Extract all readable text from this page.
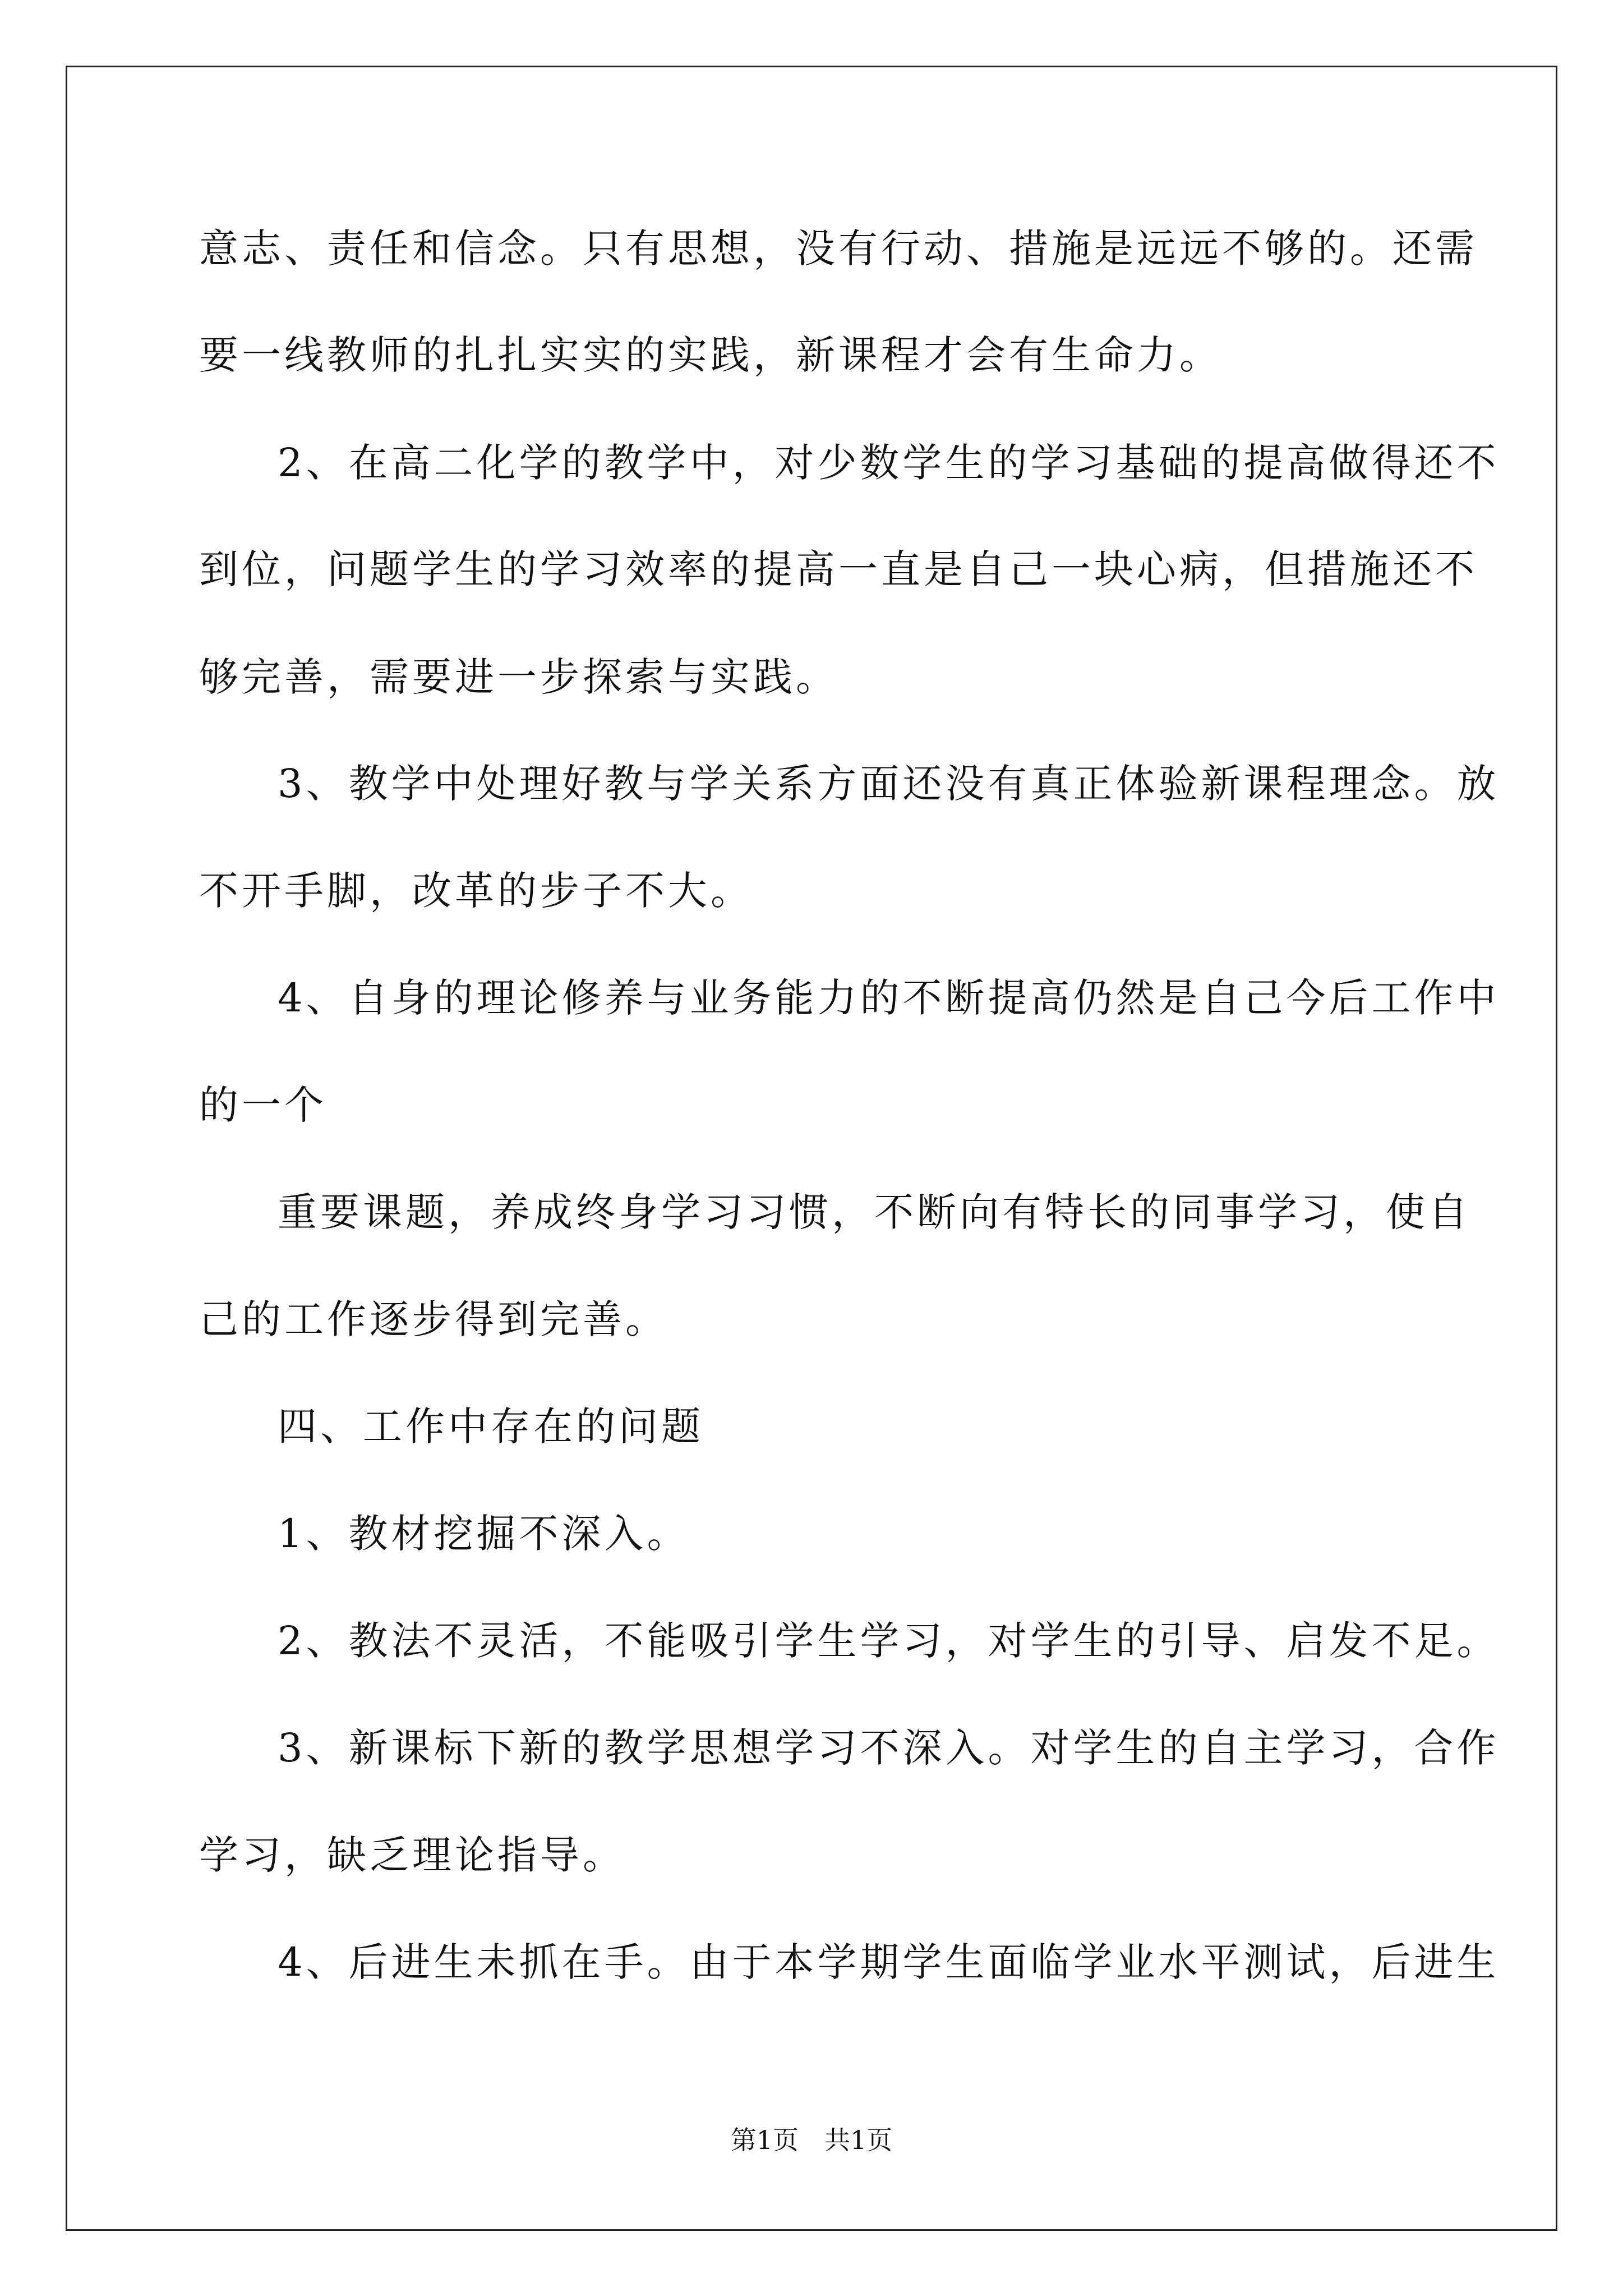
意志、责任和信念。只有思想，没有行动、措施是远远不够的。还需
要一线教师的扎扎实实的实践，新课程才会有生命力。
2、在高二化学的教学中，对少数学生的学习基础的提高做得还不
到位，问题学生的学习效率的提高一直是自己一块心病，但措施还不
够完善，需要进一步探索与实践。
3、教学中处理好教与学关系方面还没有真正体验新课程理念。放
不开手脚，改革的步子不大。
4、自身的理论修养与业务能力的不断提高仍然是自己今后工作中
的一个
重要课题，养成终身学习习惯，不断向有特长的同事学习，使自
己的工作逐步得到完善。
四、工作中存在的问题
1、教材挖掘不深入。
2、教法不灵活，不能吸引学生学习，对学生的引导、启发不足。
3、新课标下新的教学思想学习不深入。对学生的自主学习，合作
学习，缺乏理论指导。
4、后进生未抓在手。由于本学期学生面临学业水平测试，后进生
第1页　共1页
